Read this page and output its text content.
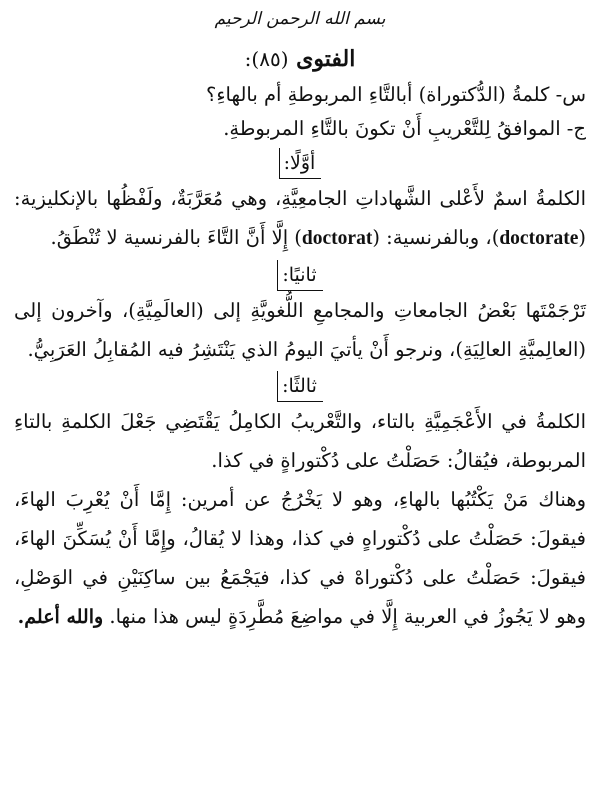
بسم الله الرحمن الرحيم
الفتوى (٨٥):
س- كلمةُ (الدُّكتوراة) أبالتَّاءِ المربوطةِ أم بالهاءِ؟
ج- الموافقُ لِلتَّعْريبِ أَنْ تكونَ بالتَّاءِ المربوطةِ.
أوَّلًا:
الكلمةُ اسمٌ لأَعْلى الشَّهاداتِ الجامعِيَّةِ، وهي مُعَرَّبَةٌ، ولَفْظُها بالإنكليزية: (doctorate)، وبالفرنسية: (doctorat) إِلَّا أَنَّ التَّاءَ بالفرنسية لا تُنْطَقُ.
ثانيًا:
تَرْجَمْتَها بَعْضُ الجامعاتِ والمجامعِ اللُّغويَّةِ إلى (العالَمِيَّةِ)، وآخرون إلى (العالِميَّةِ العالِيَةِ)، ونرجو أَنْ يأتيَ اليومُ الذي يَنْتَشِرُ فيه المُقابِلُ العَرَبِيُّ.
ثالثًا:
الكلمةُ في الأَعْجَمِيَّةِ بالتاء، والتَّعْريبُ الكامِلُ يَقْتَضِي جَعْلَ الكلمةِ بالتاءِ المربوطة، فيُقالُ: حَصَلْتُ على دُكْتوراةٍ في كذا.
وهناك مَنْ يَكْتُبُها بالهاءِ، وهو لا يَخْرُجُ عن أمرين: إِمَّا أَنْ يُعْرِبَ الهاءَ، فيقولَ: حَصَلْتُ على دُكْتوراهٍ في كذا، وهذا لا يُقالُ، وإِمَّا أَنْ يُسَكِّنَ الهاءَ، فيقولَ: حَصَلْتُ على دُكْتوراهْ في كذا، فيَجْمَعُ بين ساكِنَيْنِ في الوَصْلِ، وهو لا يَجُوزُ في العربية إِلَّا في مواضِعَ مُطَّرِدَةٍ ليس هذا منها. والله أعلم.
